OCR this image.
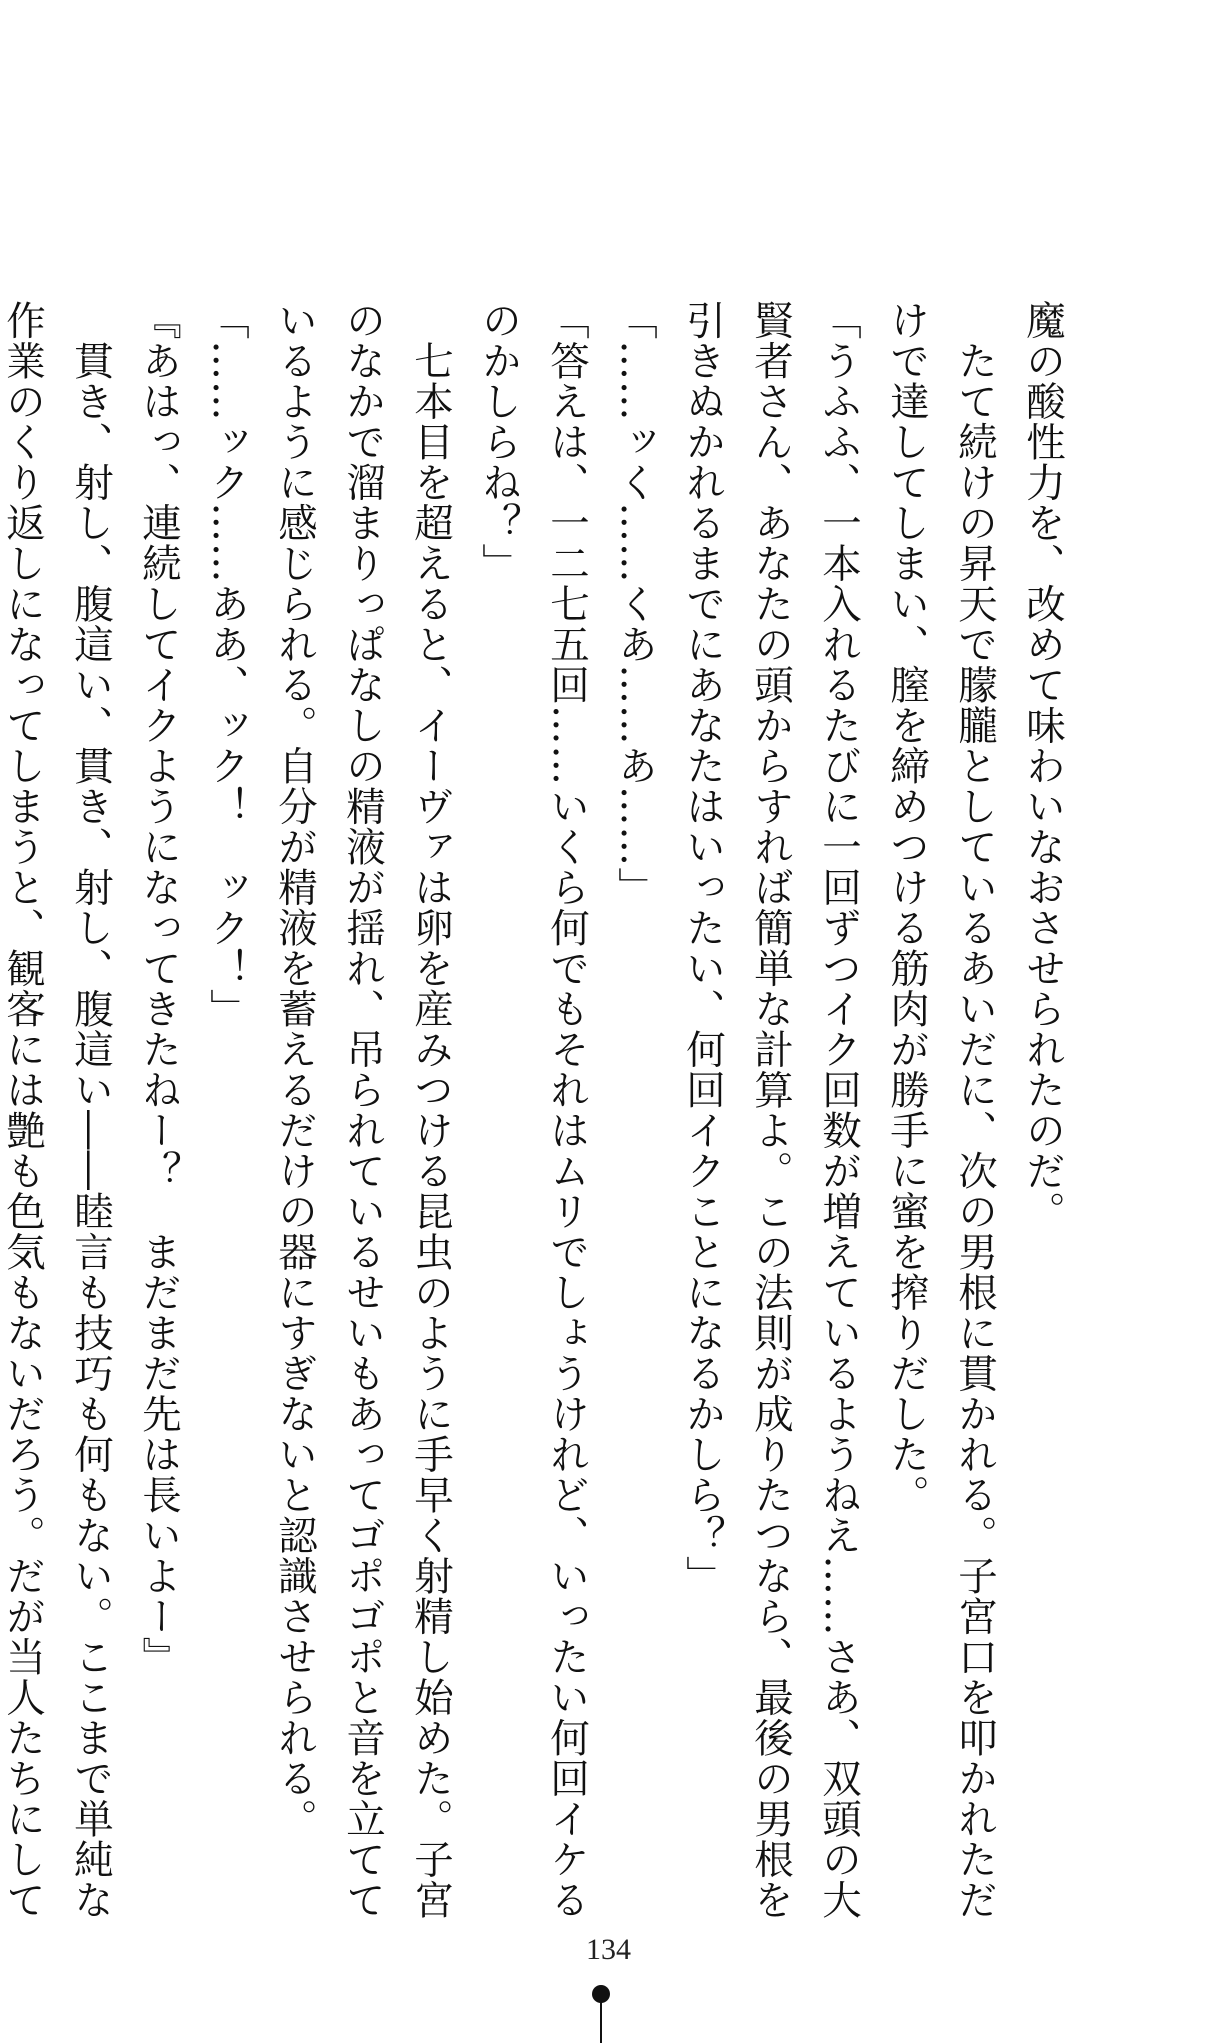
魔の酸性力を、改めて味わいなおさせられたのだ。
　たて続けの昇天で朦朧としているあいだに、次の男根に貫かれる。子宮口を叩かれただ
けで達してしまい、膣を締めつける筋肉が勝手に蜜を搾りだした。
「うふふ、一本入れるたびに一回ずつイク回数が増えているようねえ……さあ、双頭の大
賢者さん、あなたの頭からすれば簡単な計算よ。この法則が成りたつなら、最後の男根を
引きぬかれるまでにあなたはいったい、何回イクことになるかしら？」
「……ッく……くあ……あ……」
「答えは、一二七五回……いくら何でもそれはムリでしょうけれど、いったい何回イケる
のかしらね？」
　七本目を超えると、イーヴァは卵を産みつける昆虫のように手早く射精し始めた。子宮
のなかで溜まりっぱなしの精液が揺れ、吊られているせいもあってゴポゴポと音を立てて
いるように感じられる。自分が精液を蓄えるだけの器にすぎないと認識させられる。
「……ック……ああ、ック！　ック！」
『あはっ、連続してイクようになってきたねー？　まだまだ先は長いよー』
　貫き、射し、腹這い、貫き、射し、腹這い――睦言も技巧も何もない。ここまで単純な
作業のくり返しになってしまうと、観客には艶も色気もないだろう。だが当人たちにして
134
